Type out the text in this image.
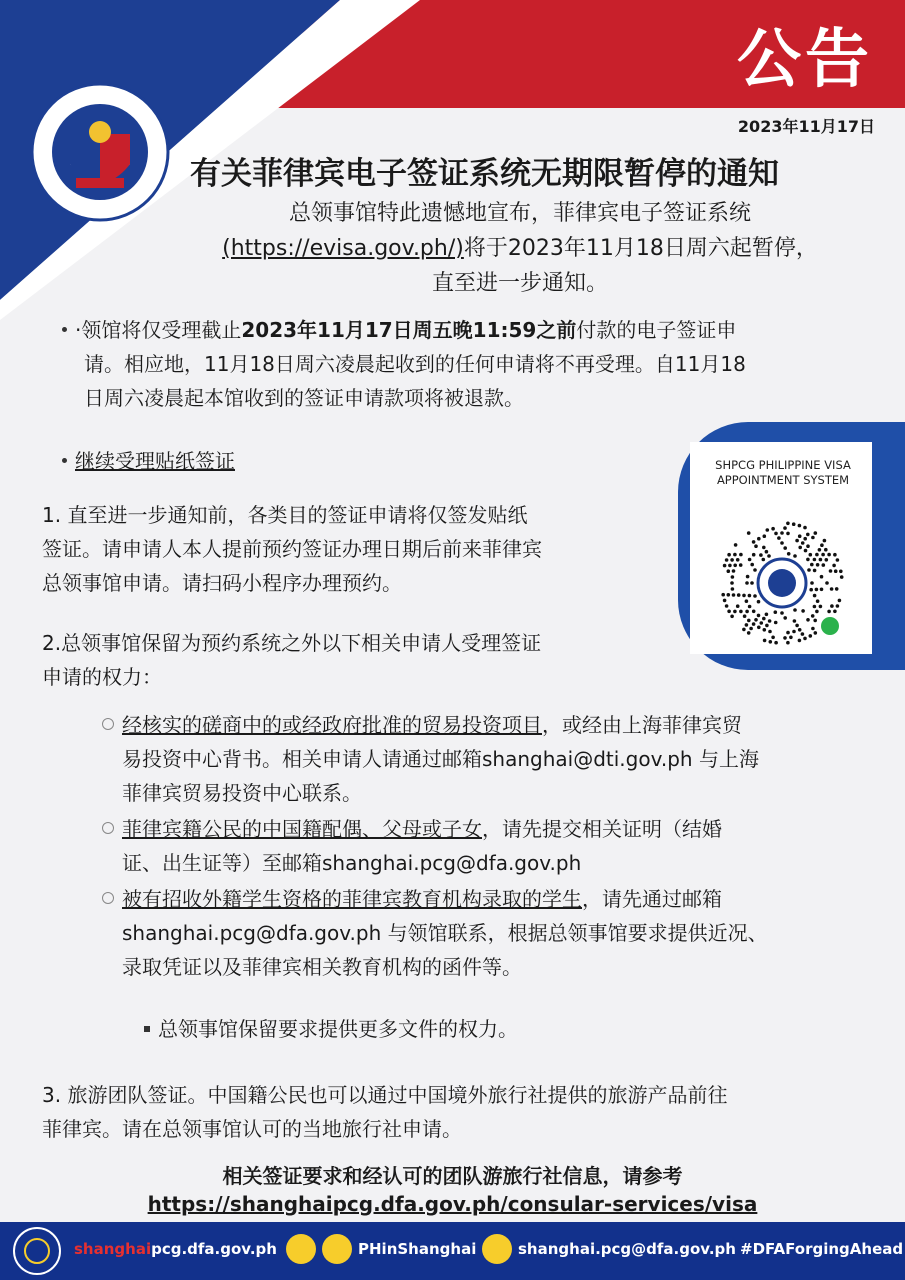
公告
2023年11月17日
有关菲律宾电子签证系统无期限暂停的通知
总领事馆特此遗憾地宣布，菲律宾电子签证系统
(https://evisa.gov.ph/)将于2023年11月18日周六起暂停，
直至进一步通知。
·领馆将仅受理截止2023年11月17日周五晚11:59之前付款的电子签证申
请。相应地，11月18日周六凌晨起收到的任何申请将不再受理。自11月18
日周六凌晨起本馆收到的签证申请款项将被退款。
继续受理贴纸签证
1. 直至进一步通知前，各类目的签证申请将仅签发贴纸
签证。请申请人本人提前预约签证办理日期后前来菲律宾
总领事馆申请。请扫码小程序办理预约。
2.总领事馆保留为预约系统之外以下相关申请人受理签证
申请的权力：
经核实的磋商中的或经政府批准的贸易投资项目，或经由上海菲律宾贸
易投资中心背书。相关申请人请通过邮箱shanghai@dti.gov.ph 与上海
菲律宾贸易投资中心联系。
菲律宾籍公民的中国籍配偶、父母或子女，请先提交相关证明（结婚
证、出生证等）至邮箱shanghai.pcg@dfa.gov.ph
被有招收外籍学生资格的菲律宾教育机构录取的学生，请先通过邮箱
shanghai.pcg@dfa.gov.ph 与领馆联系，根据总领事馆要求提供近况、
录取凭证以及菲律宾相关教育机构的函件等。
总领事馆保留要求提供更多文件的权力。
3. 旅游团队签证。中国籍公民也可以通过中国境外旅行社提供的旅游产品前往
菲律宾。请在总领事馆认可的当地旅行社申请。
SHPCG PHILIPPINE VISA
APPOINTMENT SYSTEM
相关签证要求和经认可的团队游旅行社信息，请参考
https://shanghaipcg.dfa.gov.ph/consular-services/visa
shanghaipcg.dfa.gov.ph	PHinShanghai	shanghai.pcg@dfa.gov.ph #DFAForgingAhead
